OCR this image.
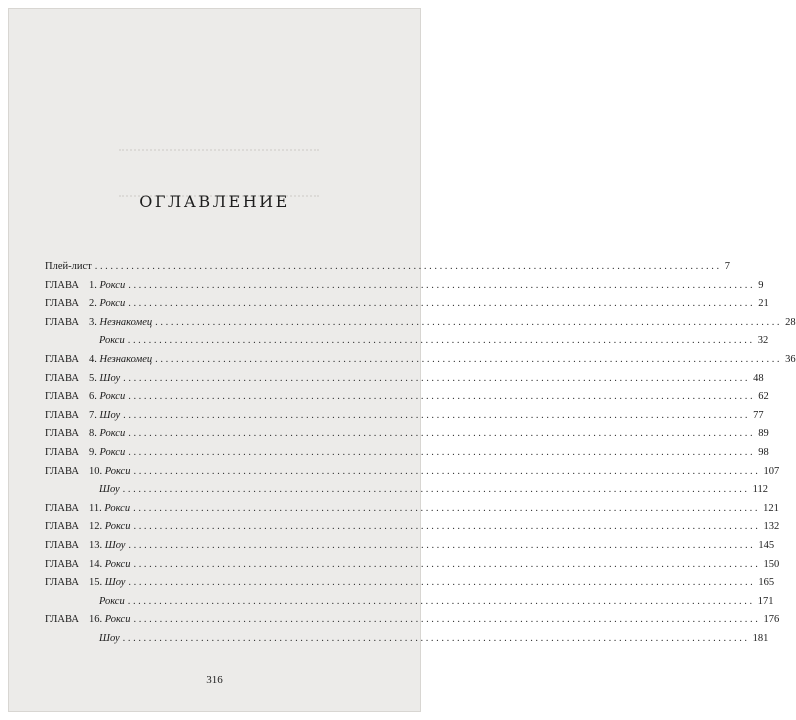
ОГЛАВЛЕНИЕ
Плей-лист ........................................................................................................................ 7
ГЛАВА 1. Рокси ........................................................................................................................ 9
ГЛАВА 2. Рокси ........................................................................................................................ 21
ГЛАВА 3. Незнакомец ........................................................................................................................ 28
Рокси ........................................................................................................................ 32
ГЛАВА 4. Незнакомец ........................................................................................................................ 36
ГЛАВА 5. Шоу ........................................................................................................................ 48
ГЛАВА 6. Рокси ........................................................................................................................ 62
ГЛАВА 7. Шоу ........................................................................................................................ 77
ГЛАВА 8. Рокси ........................................................................................................................ 89
ГЛАВА 9. Рокси ........................................................................................................................ 98
ГЛАВА 10. Рокси ........................................................................................................................ 107
Шоу ........................................................................................................................ 112
ГЛАВА 11. Рокси ........................................................................................................................ 121
ГЛАВА 12. Рокси ........................................................................................................................ 132
ГЛАВА 13. Шоу ........................................................................................................................ 145
ГЛАВА 14. Рокси ........................................................................................................................ 150
ГЛАВА 15. Шоу ........................................................................................................................ 165
Рокси ........................................................................................................................ 171
ГЛАВА 16. Рокси ........................................................................................................................ 176
Шоу ........................................................................................................................ 181
316
